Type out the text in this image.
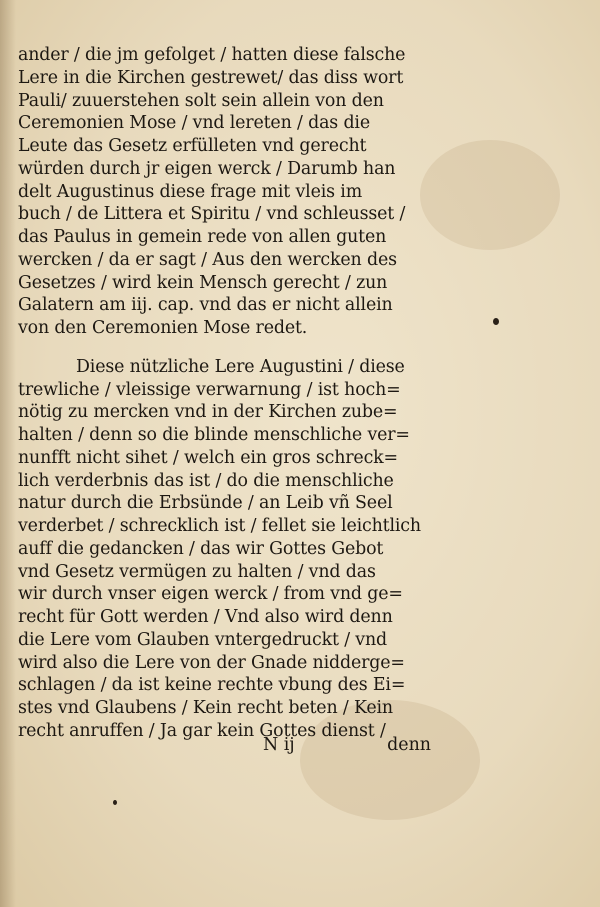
ander / die jm gefolget / hatten diese falsche
Lere in die Kirchen gestrewet/ das diss wort
Pauli/ zuuerstehen solt sein allein von den
Ceremonien Mose / vnd lereten / das die
Leute das Gesetz erfülleten vnd gerecht
würden durch jr eigen werck / Darumb han
delt Augustinus diese frage mit vleis im
buch / de Littera et Spiritu / vnd schleusset /
das Paulus in gemein rede von allen guten
wercken / da er sagt / Aus den wercken des
Gesetzes / wird kein Mensch gerecht / zun
Galatern am iij. cap. vnd das er nicht allein
von den Ceremonien Mose redet.
Diese nützliche Lere Augustini / diese
trewliche / vleissige verwarnung / ist hoch=
nötig zu mercken vnd in der Kirchen zube=
halten / denn so die blinde menschliche ver=
nunfft nicht sihet / welch ein gros schreck=
lich verderbnis das ist / do die menschliche
natur durch die Erbsünde / an Leib vñ Seel
verderbet / schrecklich ist / fellet sie leichtlich
auff die gedancken / das wir Gottes Gebot
vnd Gesetz vermügen zu halten / vnd das
wir durch vnser eigen werck / from vnd ge=
recht für Gott werden / Vnd also wird denn
die Lere vom Glauben vntergedruckt / vnd
wird also die Lere von der Gnade nidderge=
schlagen / da ist keine rechte vbung des Ei=
stes vnd Glaubens / Kein recht beten / Kein
recht anruffen / Ja gar kein Gottes dienst /
N ij	denn
